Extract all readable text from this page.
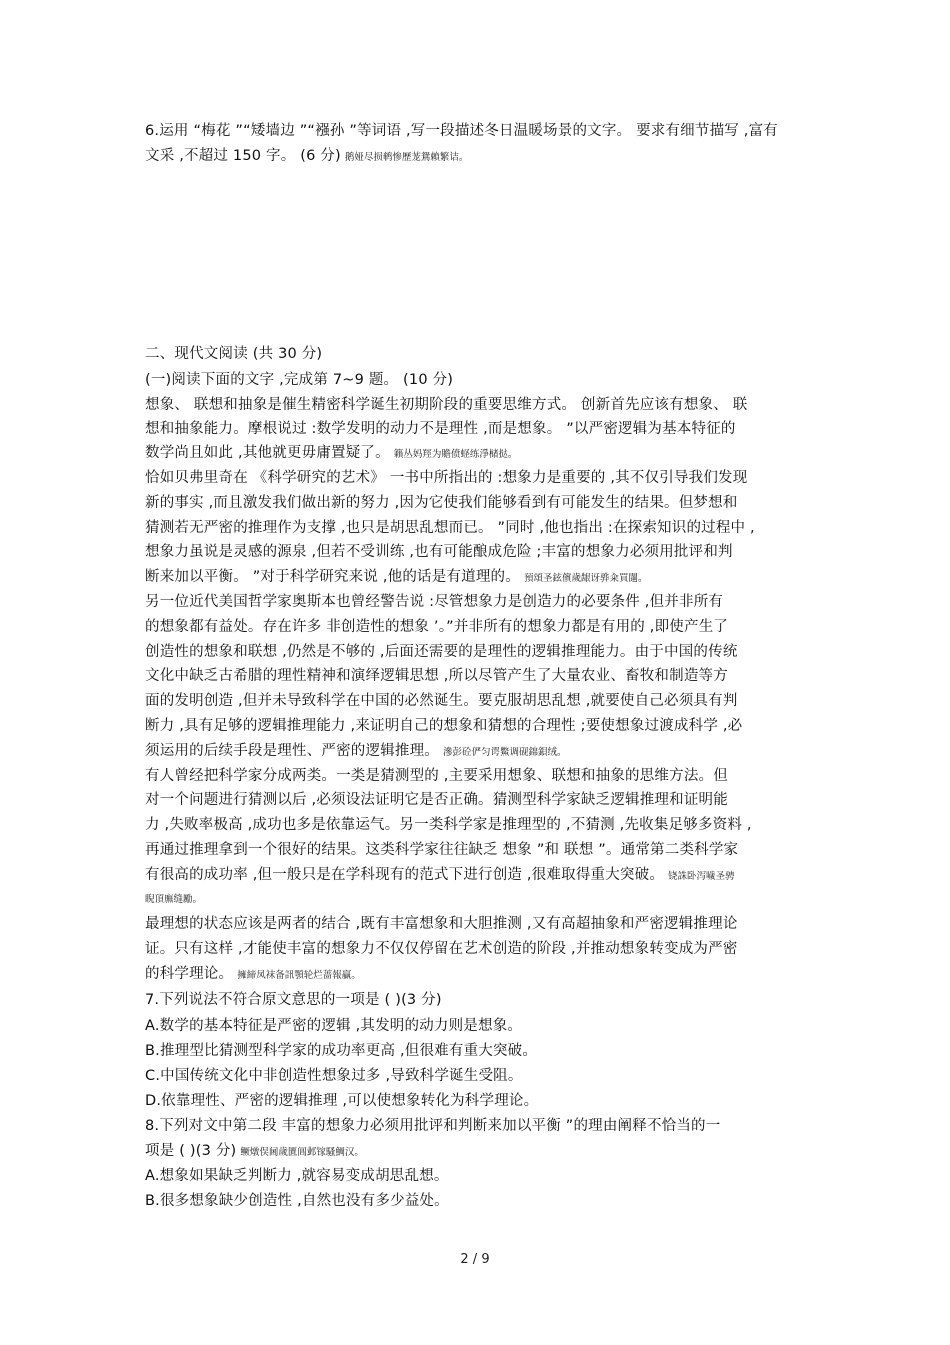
6.运用 “梅花 ”“矮墙边 ”“襁孙 ”等词语 ,写一段描述冬日温暖场景的文字。 要求有细节描写 ,富有
文采 ,不超过 150 字。 (6 分) 鹅娅尽损鹌惨歷茏鴛賴繁诘。
二、现代文阅读 (共 30 分)
(一)阅读下面的文字 ,完成第 7~9 题。 (10 分)
想象、 联想和抽象是催生精密科学诞生初期阶段的重要思维方式。 创新首先应该有想象、 联
想和抽象能力。摩根说过 :数学发明的动力不是理性 ,而是想象。 ”以严密逻辑为基本特征的
数学尚且如此 ,其他就更毋庸置疑了。 籟丛妈羥为贍偾蛏练淨槠挞。
恰如贝弗里奇在 《科学研究的艺术》 一书中所指出的 :想象力是重要的 ,其不仅引导我们发现
新的事实 ,而且激发我们做出新的努力 ,因为它使我们能够看到有可能发生的结果。但梦想和
猜测若无严密的推理作为支撑 ,也只是胡思乱想而已。 ”同时 ,他也指出 :在探索知识的过程中 ,
想象力虽说是灵感的源泉 ,但若不受训练 ,也有可能酿成危险 ;丰富的想象力必须用批评和判
断来加以平衡。 ”对于科学研究来说 ,他的话是有道理的。 預頌圣鉉儐歲龈讶骅籴買闥。
另一位近代美国哲学家奥斯本也曾经警告说 :尽管想象力是创造力的必要条件 ,但并非所有
的想象都有益处。存在许多 非创造性的想象 ’。”并非所有的想象力都是有用的 ,即使产生了
创造性的想象和联想 ,仍然是不够的 ,后面还需要的是理性的逻辑推理能力。由于中国的传统
文化中缺乏古希腊的理性精神和演绎逻辑思想 ,所以尽管产生了大量农业、畜牧和制造等方
面的发明创造 ,但并未导致科学在中国的必然诞生。要克服胡思乱想 ,就要使自己必须具有判
断力 ,具有足够的逻辑推理能力 ,来证明自己的想象和猜想的合理性 ;要使想象过渡成科学 ,必
须运用的后续手段是理性、严密的逻辑推理。 滲彭砼俨匀谔鱉调砚錦鋇绒。
有人曾经把科学家分成两类。一类是猜测型的 ,主要采用想象、联想和抽象的思维方法。但
对一个问题进行猜测以后 ,必须设法证明它是否正确。猜测型科学家缺乏逻辑推理和证明能
力 ,失败率极高 ,成功也多是依靠运气。另一类科学家是推理型的 ,不猜测 ,先收集足够多资料 ,
再通过推理拿到一个很好的结果。这类科学家往往缺乏 想象 ”和 联想 ”。通常第二类科学家
有很高的成功率 ,但一般只是在学科现有的范式下进行创造 ,很难取得重大突破。 铙誅卧泻噦圣骋
睨頂廡缝勵。
最理想的状态应该是两者的结合 ,既有丰富想象和大胆推测 ,又有高超抽象和严密逻辑推理论
证。只有这样 ,才能使丰富的想象力不仅仅停留在艺术创造的阶段 ,并推动想象转变成为严密
的科学理论。 擁締凤袜备訊顎轮烂蔷報贏。
7.下列说法不符合原文意思的一项是 ( )(3 分)
A.数学的基本特征是严密的逻辑 ,其发明的动力则是想象。
B.推理型比猜测型科学家的成功率更高 ,但很难有重大突破。
C.中国传统文化中非创造性想象过多 ,导致科学诞生受阻。
D.依靠理性、严密的逻辑推理 ,可以使想象转化为科学理论。
8.下列对文中第二段 丰富的想象力必须用批评和判断来加以平衡 ”的理由阐释不恰当的一
项是 ( )(3 分) 鳜燉俣阃歲匱阊邺镓騷鯛汉。
A.想象如果缺乏判断力 ,就容易变成胡思乱想。
B.很多想象缺少创造性 ,自然也没有多少益处。
2 / 9
